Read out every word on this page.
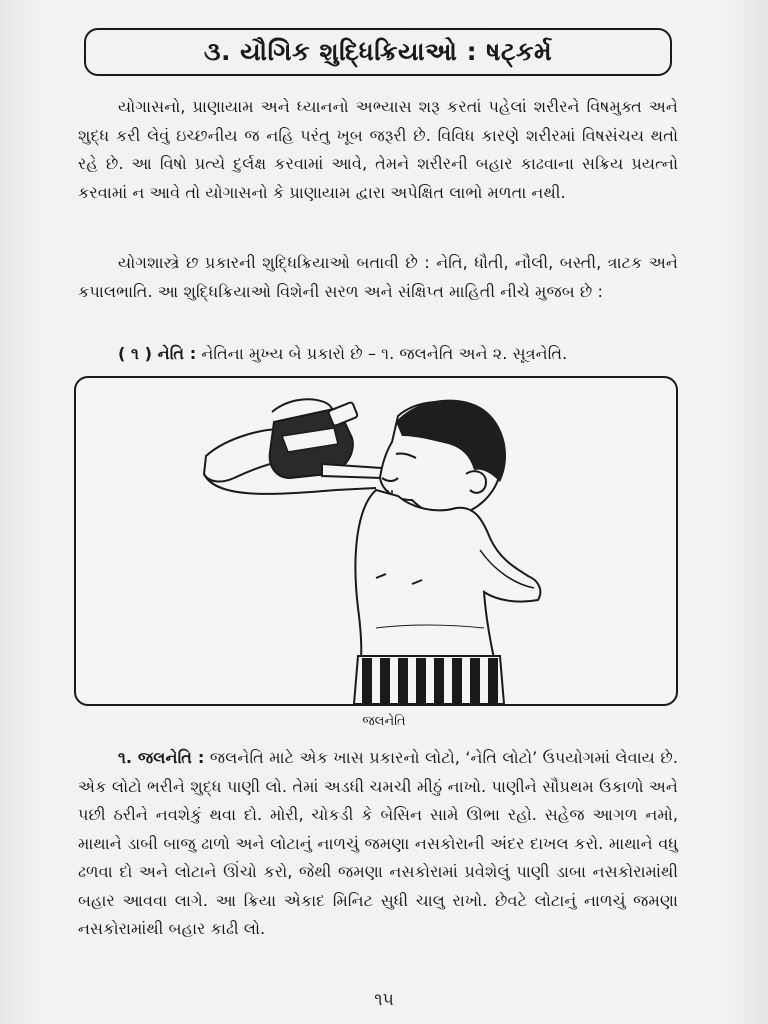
૩. યૌગિક શુદ્ધિક્રિયાઓ : ષટ્કર્મ

યોગાસનો, પ્રાણાયામ અને ધ્યાનનો અભ્યાસ શરૂ કરતાં પહેલાં શરીરને વિષમુક્ત અને શુદ્ધ કરી લેવું ઇચ્છનીય જ નહિ પરંતુ ખૂબ જરૂરી છે. વિવિધ કારણે શરીરમાં વિષસંચય થતો રહે છે. આ વિષો પ્રત્યે દુર્લક્ષ કરવામાં આવે, તેમને શરીરની બહાર કાઢવાના સક્રિય પ્રયત્નો કરવામાં ન આવે તો યોગાસનો કે પ્રાણાયામ દ્વારા અપેક્ષિત લાભો મળતા નથી.

યોગશાસ્ત્રે છ પ્રકારની શુદ્ધિક્રિયાઓ બતાવી છે : નેતિ, ધૌતી, નૌલી, બસ્તી, ત્રાટક અને કપાલભાતિ. આ શુદ્ધિક્રિયાઓ વિશેની સરળ અને સંક્ષિપ્ત માહિતી નીચે મુજબ છે :

( ૧ ) નેતિ : નેતિના મુખ્ય બે પ્રકારો છે – ૧. જલનેતિ અને ૨. સૂત્રનેતિ.

જલનેતિ

૧. જલનેતિ : જલનેતિ માટે એક ખાસ પ્રકારનો લોટો, ‘નેતિ લોટો’ ઉપયોગમાં લેવાય છે. એક લોટો ભરીને શુદ્ધ પાણી લો. તેમાં અડધી ચમચી મીઠું નાખો. પાણીને સૌપ્રથમ ઉકાળો અને પછી ઠરીને નવશેકું થવા દો. મોરી, ચોકડી કે બેસિન સામે ઊભા રહો. સહેજ આગળ નમો, માથાને ડાબી બાજુ ઢાળો અને લોટાનું નાળચું જમણા નસકોરાની અંદર દાખલ કરો. માથાને વધુ ઢળવા દો અને લોટાને ઊંચો કરો, જેથી જમણા નસકોરામાં પ્રવેશેલું પાણી ડાબા નસકોરામાંથી બહાર આવવા લાગે. આ ક્રિયા એકાદ મિનિટ સુધી ચાલુ રાખો. છેવટે લોટાનું નાળચું જમણા નસકોરામાંથી બહાર કાઢી લો.

૧૫
